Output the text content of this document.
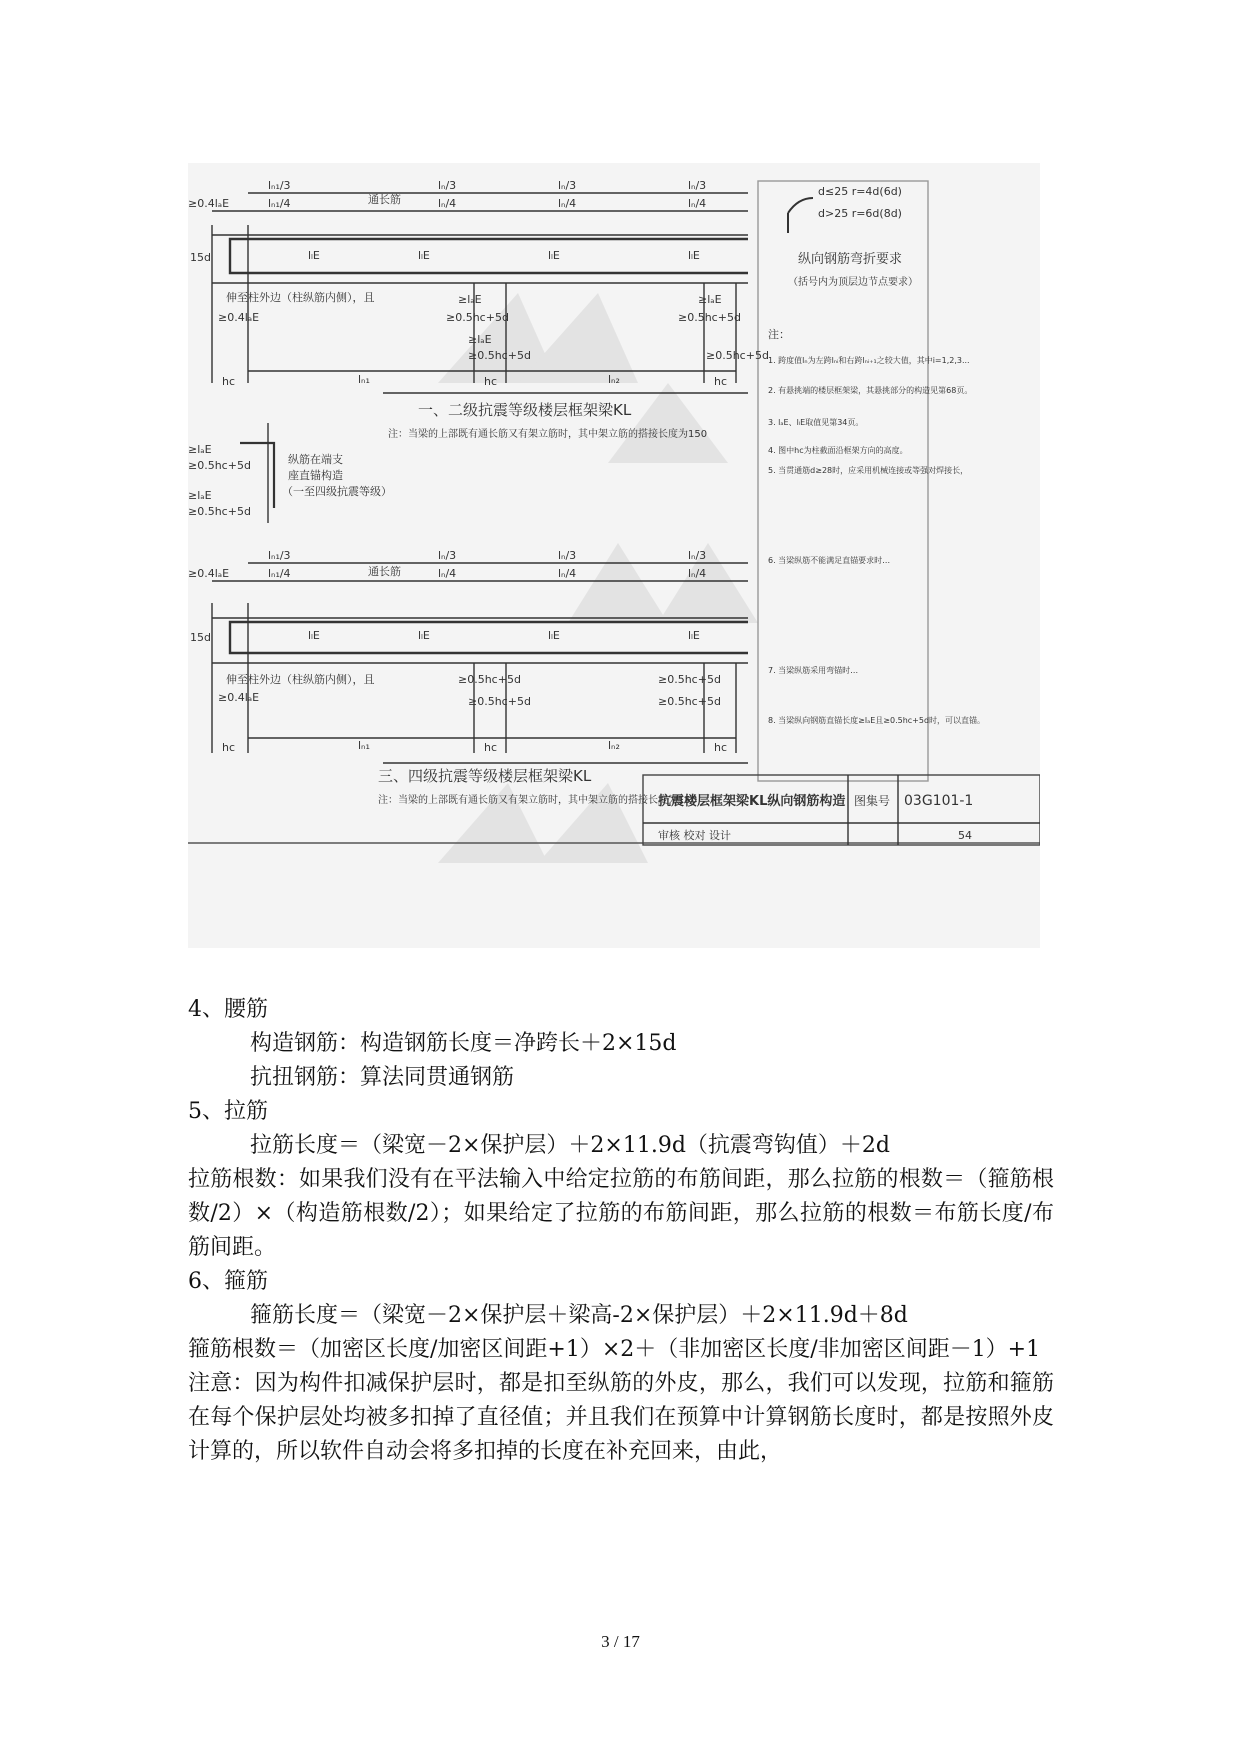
lₙ₁/3	lₙ/3	lₙ/3	lₙ/3
≥0.4lₐE	lₙ₁/4	通长筋	lₙ/4	lₙ/4	lₙ/4
15d	lₗE	lₗE	lₗE	lₗE
伸至柱外边（柱纵筋内侧），且
≥0.4lₐE
≥lₐE	≥lₐE
≥0.5hc+5d	≥0.5hc+5d
≥lₐE
≥0.5hc+5d	≥0.5hc+5d
hc	lₙ₁	hc	lₙ₂	hc
≥lₐE
≥0.5hc+5d	纵筋在端支
座直锚构造
（一至四级抗震等级）
≥lₐE
≥0.5hc+5d
lₙ₁/3	lₙ/3	lₙ/3	lₙ/3
≥0.4lₐE	lₙ₁/4	通长筋	lₙ/4	lₙ/4	lₙ/4
15d	lₗE	lₗE	lₗE	lₗE
伸至柱外边（柱纵筋内侧），且
≥0.4lₐE
≥0.5hc+5d	≥0.5hc+5d
≥0.5hc+5d	≥0.5hc+5d
hc	lₙ₁	hc	lₙ₂	hc
一、二级抗震等级楼层框架梁KL
注：当梁的上部既有通长筋又有架立筋时，其中架立筋的搭接长度为150
三、四级抗震等级楼层框架梁KL
注：当梁的上部既有通长筋又有架立筋时，其中架立筋的搭接长度为150
d≤25 r=4d(6d)
d>25 r=6d(8d)
纵向钢筋弯折要求
（括号内为顶层边节点要求）
注：
1. 跨度值lₙ为左跨lₙᵢ和右跨lₙᵢ₊₁之较大值，其中i=1,2,3...
2. 有悬挑端的楼层框架梁，其悬挑部分的构造见第68页。
3. lₐE、lₗE取值见第34页。
4. 图中hc为柱截面沿框架方向的高度。
5. 当贯通筋d≥28时，应采用机械连接或等强对焊接长，
6. 当梁纵筋不能满足直锚要求时…
7. 当梁纵筋采用弯锚时…
8. 当梁纵向钢筋直锚长度≥lₐE且≥0.5hc+5d时，可以直锚。
抗震楼层框架梁KL纵向钢筋构造 图集号 03G101-1
审核 校对 设计	54
4、腰筋
构造钢筋：构造钢筋长度＝净跨长＋2×15d
抗扭钢筋：算法同贯通钢筋
5、拉筋
拉筋长度＝（梁宽－2×保护层）＋2×11.9d（抗震弯钩值）＋2d
拉筋根数：如果我们没有在平法输入中给定拉筋的布筋间距，那么拉筋的根数＝（箍筋根数/2）×（构造筋根数/2）；如果给定了拉筋的布筋间距，那么拉筋的根数＝布筋长度/布筋间距。
6、箍筋
箍筋长度＝（梁宽－2×保护层＋梁高-2×保护层）＋2×11.9d＋8d
箍筋根数＝（加密区长度/加密区间距+1）×2＋（非加密区长度/非加密区间距－1）+1
注意：因为构件扣减保护层时，都是扣至纵筋的外皮，那么，我们可以发现，拉筋和箍筋在每个保护层处均被多扣掉了直径值；并且我们在预算中计算钢筋长度时，都是按照外皮计算的，所以软件自动会将多扣掉的长度在补充回来，由此，
3 / 17
